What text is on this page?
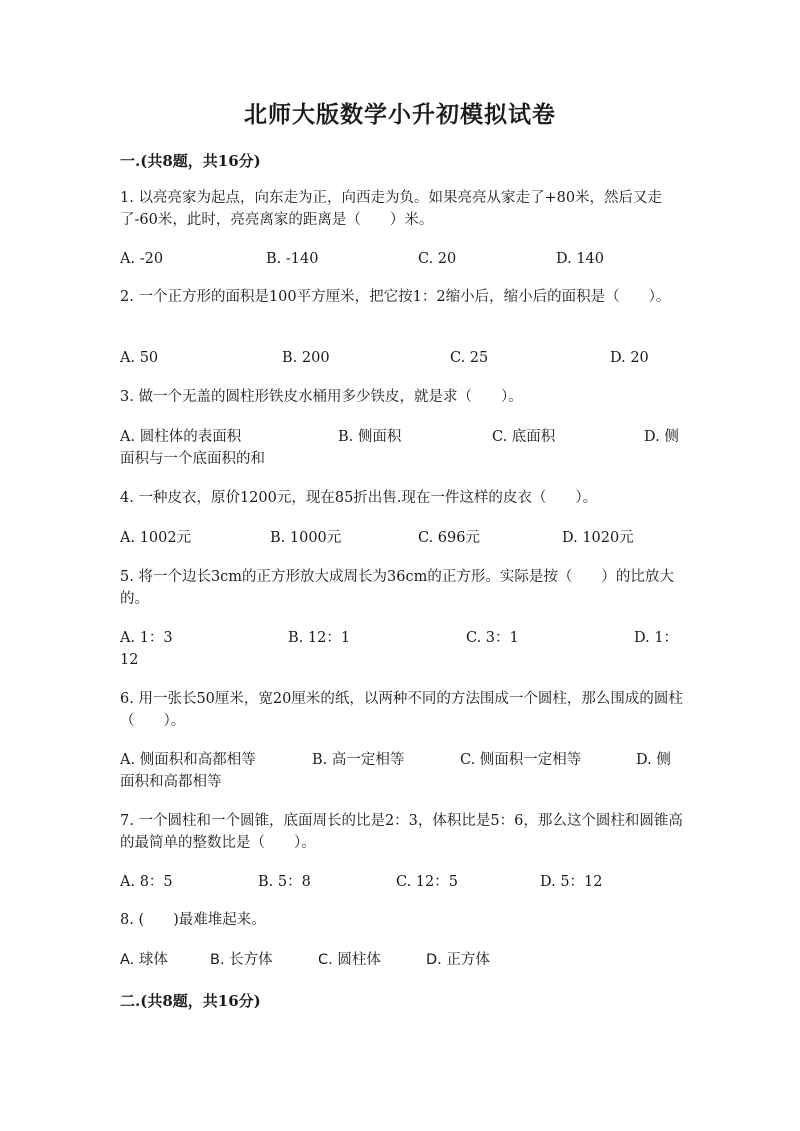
北师大版数学小升初模拟试卷
一.(共8题，共16分)
1. 以亮亮家为起点，向东走为正，向西走为负。如果亮亮从家走了+80米，然后又走了-60米，此时，亮亮离家的距离是（　　）米。
A. -20	B. -140	C. 20	D. 140
2. 一个正方形的面积是100平方厘米，把它按1：2缩小后，缩小后的面积是（　　）。
A. 50	B. 200	C. 25	D. 20
3. 做一个无盖的圆柱形铁皮水桶用多少铁皮，就是求（　　）。
A. 圆柱体的表面积	B. 侧面积	C. 底面积	D. 侧
面积与一个底面积的和
4. 一种皮衣，原价1200元，现在85折出售.现在一件这样的皮衣（　　）。
A. 1002元	B. 1000元	C. 696元	D. 1020元
5. 将一个边长3cm的正方形放大成周长为36cm的正方形。实际是按（　　）的比放大的。
A. 1：3	B. 12：1	C. 3：1	D. 1：
12
6. 用一张长50厘米，宽20厘米的纸，以两种不同的方法围成一个圆柱，那么围成的圆柱（　　）。
A. 侧面积和高都相等	B. 高一定相等	C. 侧面积一定相等	D. 侧
面积和高都相等
7. 一个圆柱和一个圆锥，底面周长的比是2：3，体积比是5：6，那么这个圆柱和圆锥高的最简单的整数比是（　　）。
A. 8：5	B. 5：8	C. 12：5	D. 5：12
8. (　　)最难堆起来。
A. 球体	B. 长方体	C. 圆柱体	D. 正方体
二.(共8题，共16分)
